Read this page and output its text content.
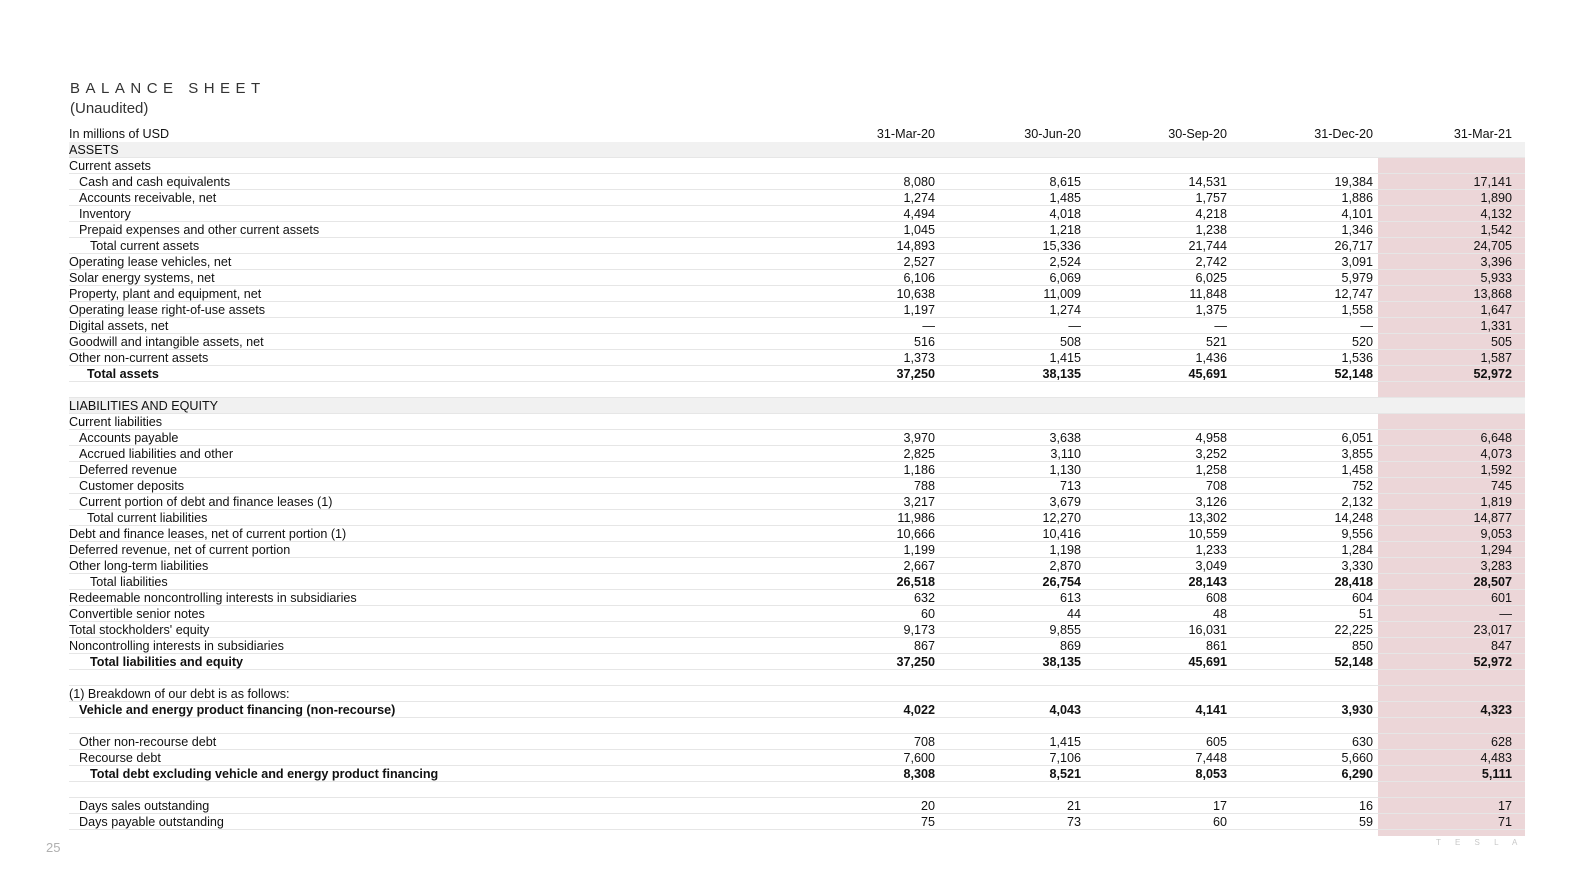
BALANCE SHEET
(Unaudited)
In millions of USD	31-Mar-20	30-Jun-20	30-Sep-20	31-Dec-20	31-Mar-21
ASSETS
Current assets
Cash and cash equivalents	8,080	8,615	14,531	19,384	17,141
Accounts receivable, net	1,274	1,485	1,757	1,886	1,890
Inventory	4,494	4,018	4,218	4,101	4,132
Prepaid expenses and other current assets	1,045	1,218	1,238	1,346	1,542
Total current assets	14,893	15,336	21,744	26,717	24,705
Operating lease vehicles, net	2,527	2,524	2,742	3,091	3,396
Solar energy systems, net	6,106	6,069	6,025	5,979	5,933
Property, plant and equipment, net	10,638	11,009	11,848	12,747	13,868
Operating lease right-of-use assets	1,197	1,274	1,375	1,558	1,647
Digital assets, net	—	—	—	—	1,331
Goodwill and intangible assets, net	516	508	521	520	505
Other non-current assets	1,373	1,415	1,436	1,536	1,587
Total assets	37,250	38,135	45,691	52,148	52,972
LIABILITIES AND EQUITY
Current liabilities
Accounts payable	3,970	3,638	4,958	6,051	6,648
Accrued liabilities and other	2,825	3,110	3,252	3,855	4,073
Deferred revenue	1,186	1,130	1,258	1,458	1,592
Customer deposits	788	713	708	752	745
Current portion of debt and finance leases (1)	3,217	3,679	3,126	2,132	1,819
Total current liabilities	11,986	12,270	13,302	14,248	14,877
Debt and finance leases, net of current portion (1)	10,666	10,416	10,559	9,556	9,053
Deferred revenue, net of current portion	1,199	1,198	1,233	1,284	1,294
Other long-term liabilities	2,667	2,870	3,049	3,330	3,283
Total liabilities	26,518	26,754	28,143	28,418	28,507
Redeemable noncontrolling interests in subsidiaries	632	613	608	604	601
Convertible senior notes	60	44	48	51	—
Total stockholders' equity	9,173	9,855	16,031	22,225	23,017
Noncontrolling interests in subsidiaries	867	869	861	850	847
Total liabilities and equity	37,250	38,135	45,691	52,148	52,972
(1) Breakdown of our debt is as follows:
Vehicle and energy product financing (non-recourse)	4,022	4,043	4,141	3,930	4,323
Other non-recourse debt	708	1,415	605	630	628
Recourse debt	7,600	7,106	7,448	5,660	4,483
Total debt excluding vehicle and energy product financing	8,308	8,521	8,053	6,290	5,111
Days sales outstanding	20	21	17	16	17
Days payable outstanding	75	73	60	59	71
25	T E S L A
